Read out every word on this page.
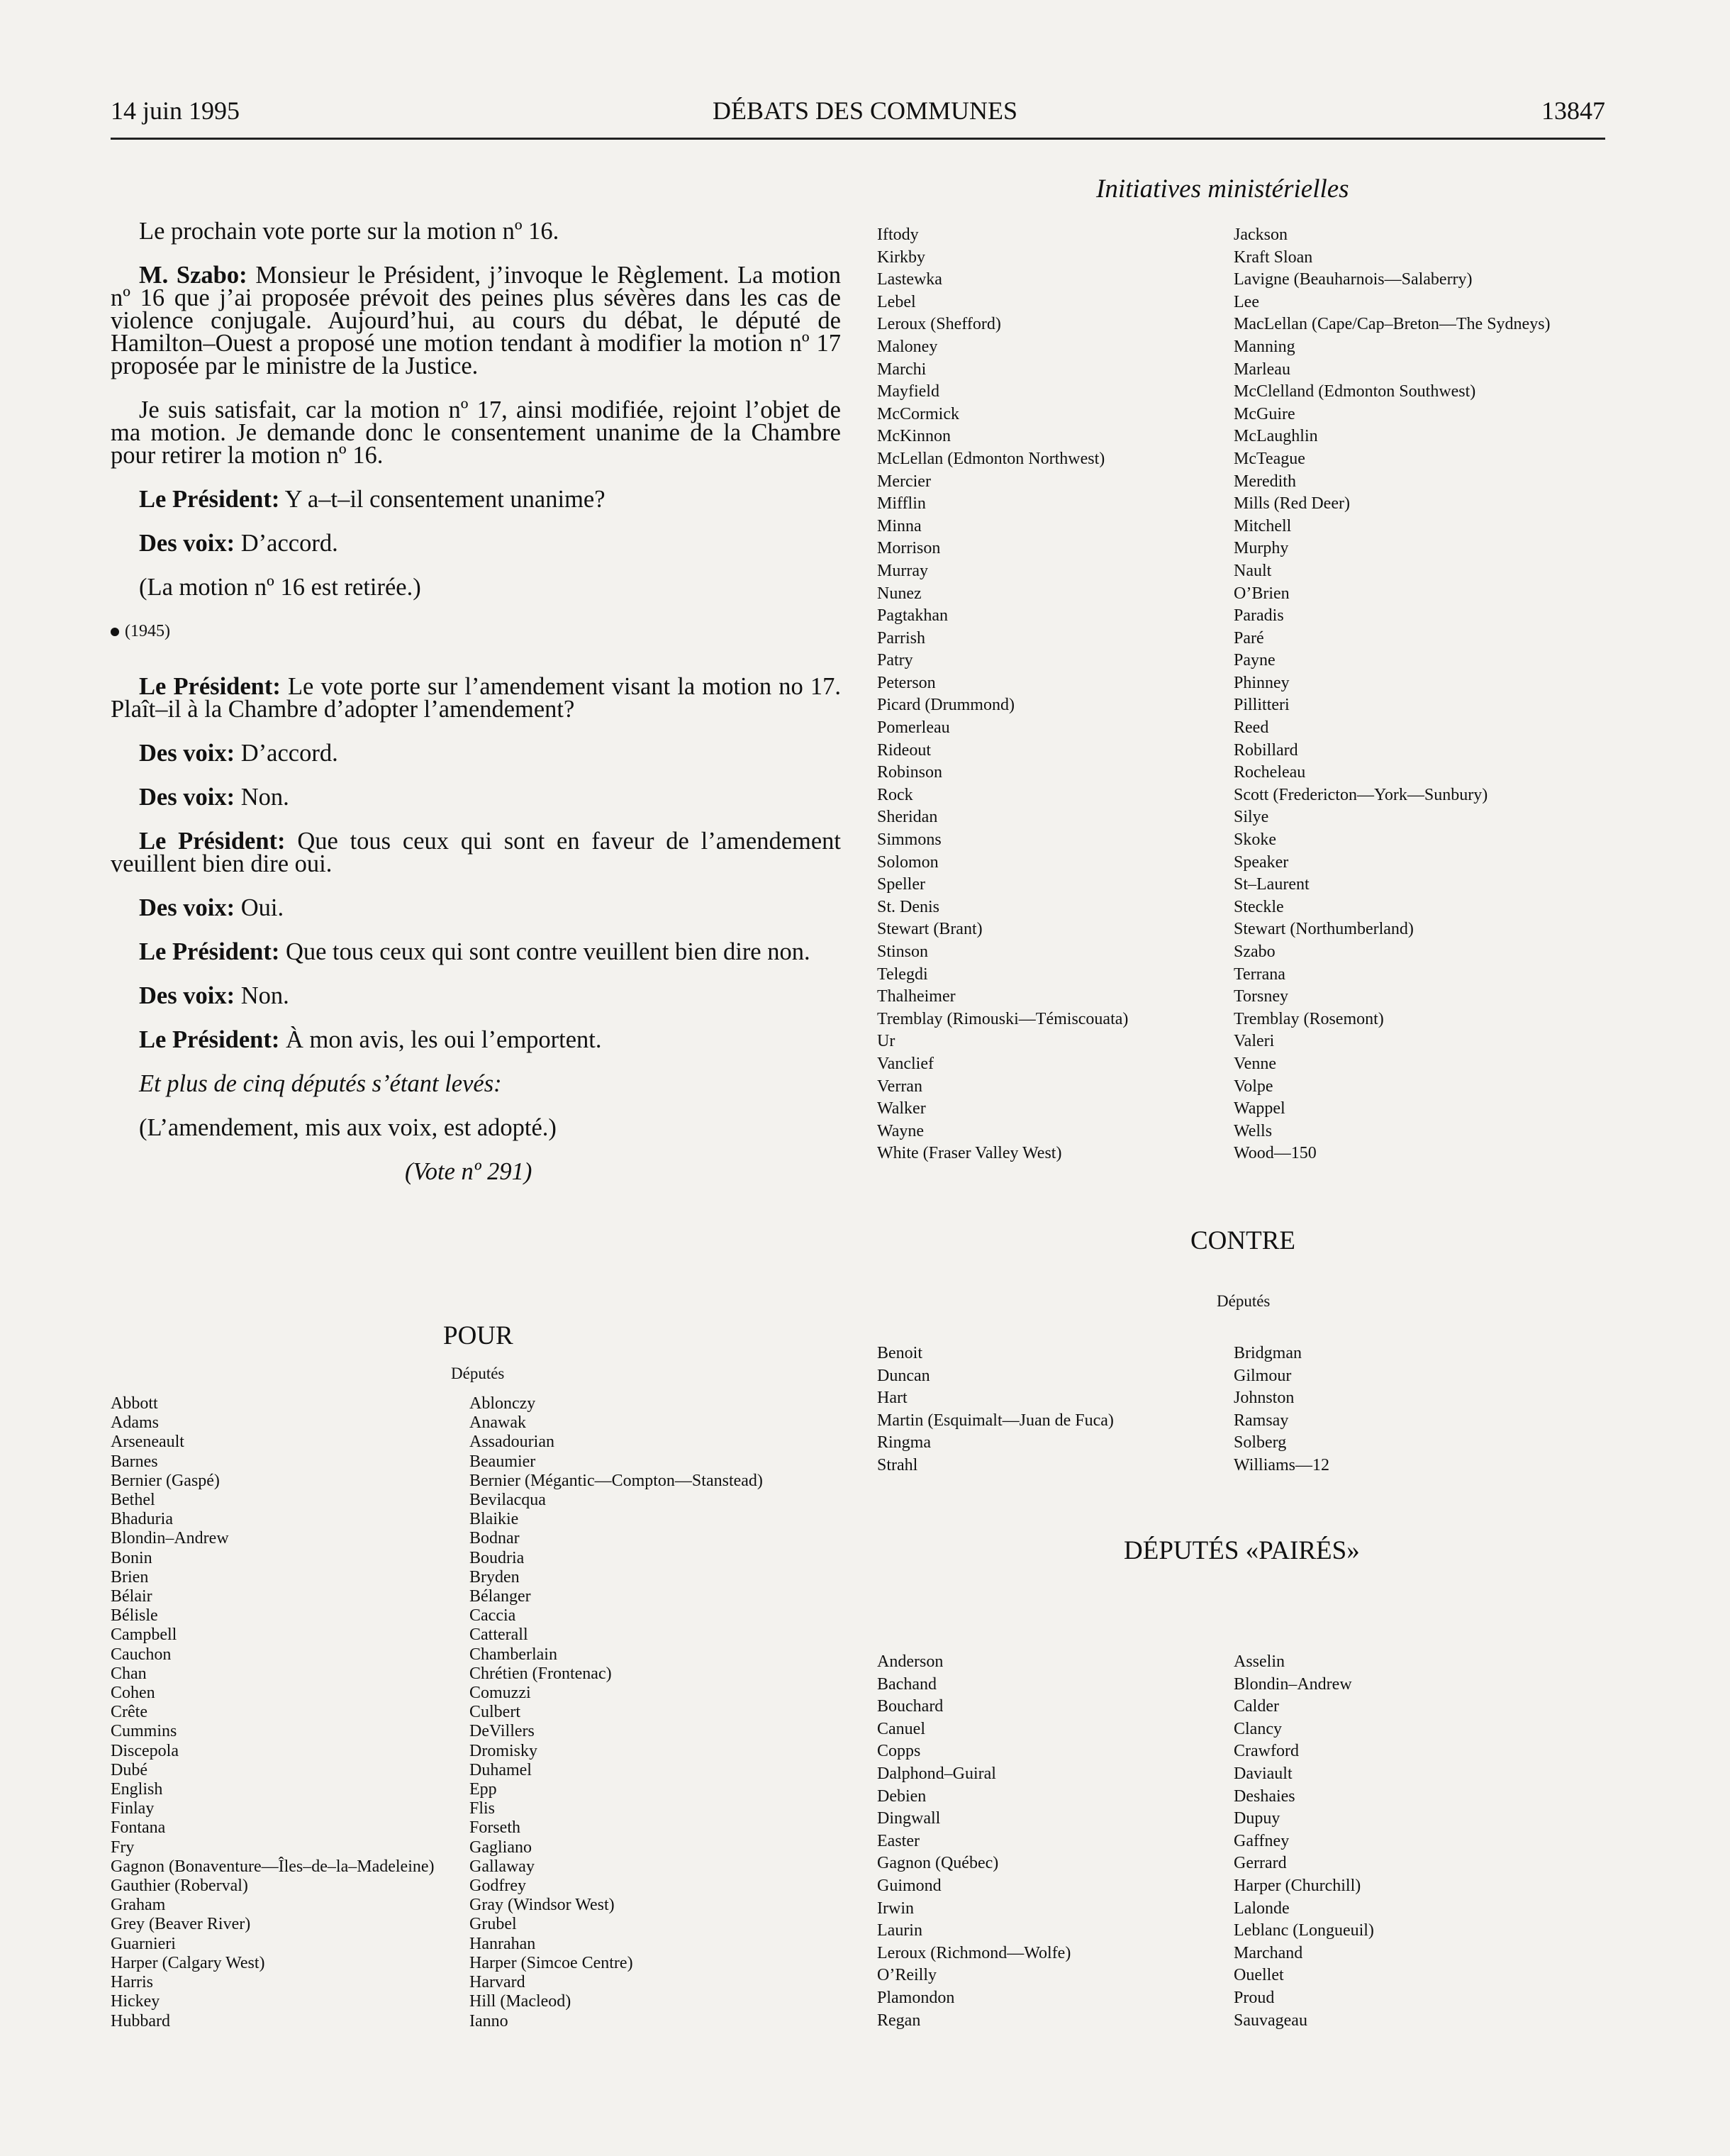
14 juin 1995	DÉBATS DES COMMUNES	13847
Initiatives ministérielles

Le prochain vote porte sur la motion nº 16.

M. Szabo: Monsieur le Président, j’invoque le Règlement. La motion nº 16 que j’ai proposée prévoit des peines plus sévères dans les cas de violence conjugale. Aujourd’hui, au cours du débat, le député de Hamilton–Ouest a proposé une motion tendant à modifier la motion nº 17 proposée par le ministre de la Justice.

Je suis satisfait, car la motion nº 17, ainsi modifiée, rejoint l’objet de ma motion. Je demande donc le consentement unanime de la Chambre pour retirer la motion nº 16.

Le Président: Y a–t–il consentement unanime?

Des voix: D’accord.

(La motion nº 16 est retirée.)

(1945)

Le Président: Le vote porte sur l’amendement visant la motion no 17. Plaît–il à la Chambre d’adopter l’amendement?

Des voix: D’accord.

Des voix: Non.

Le Président: Que tous ceux qui sont en faveur de l’amendement veuillent bien dire oui.

Des voix: Oui.

Le Président: Que tous ceux qui sont contre veuillent bien dire non.

Des voix: Non.

Le Président: À mon avis, les oui l’emportent.

Et plus de cinq députés s’étant levés:

(L’amendement, mis aux voix, est adopté.)

(Vote nº 291)

POUR
Députés
Abbott
Adams
Arseneault
Barnes
Bernier (Gaspé)
Bethel
Bhaduria
Blondin–Andrew
Bonin
Brien
Bélair
Bélisle
Campbell
Cauchon
Chan
Cohen
Crête
Cummins
Discepola
Dubé
English
Finlay
Fontana
Fry
Gagnon (Bonaventure—Îles–de–la–Madeleine)
Gauthier (Roberval)
Graham
Grey (Beaver River)
Guarnieri
Harper (Calgary West)
Harris
Hickey
Hubbard
Ablonczy
Anawak
Assadourian
Beaumier
Bernier (Mégantic—Compton—Stanstead)
Bevilacqua
Blaikie
Bodnar
Boudria
Bryden
Bélanger
Caccia
Catterall
Chamberlain
Chrétien (Frontenac)
Comuzzi
Culbert
DeVillers
Dromisky
Duhamel
Epp
Flis
Forseth
Gagliano
Gallaway
Godfrey
Gray (Windsor West)
Grubel
Hanrahan
Harper (Simcoe Centre)
Harvard
Hill (Macleod)
Ianno
Iftody
Kirkby
Lastewka
Lebel
Leroux (Shefford)
Maloney
Marchi
Mayfield
McCormick
McKinnon
McLellan (Edmonton Northwest)
Mercier
Mifflin
Minna
Morrison
Murray
Nunez
Pagtakhan
Parrish
Patry
Peterson
Picard (Drummond)
Pomerleau
Rideout
Robinson
Rock
Sheridan
Simmons
Solomon
Speller
St. Denis
Stewart (Brant)
Stinson
Telegdi
Thalheimer
Tremblay (Rimouski—Témiscouata)
Ur
Vanclief
Verran
Walker
Wayne
White (Fraser Valley West)
Jackson
Kraft Sloan
Lavigne (Beauharnois—Salaberry)
Lee
MacLellan (Cape/Cap–Breton—The Sydneys)
Manning
Marleau
McClelland (Edmonton Southwest)
McGuire
McLaughlin
McTeague
Meredith
Mills (Red Deer)
Mitchell
Murphy
Nault
O’Brien
Paradis
Paré
Payne
Phinney
Pillitteri
Reed
Robillard
Rocheleau
Scott (Fredericton—York—Sunbury)
Silye
Skoke
Speaker
St–Laurent
Steckle
Stewart (Northumberland)
Szabo
Terrana
Torsney
Tremblay (Rosemont)
Valeri
Venne
Volpe
Wappel
Wells
Wood—150
CONTRE
Députés
Benoit
Duncan
Hart
Martin (Esquimalt—Juan de Fuca)
Ringma
Strahl
Bridgman
Gilmour
Johnston
Ramsay
Solberg
Williams—12
DÉPUTÉS «PAIRÉS»
Anderson
Bachand
Bouchard
Canuel
Copps
Dalphond–Guiral
Debien
Dingwall
Easter
Gagnon (Québec)
Guimond
Irwin
Laurin
Leroux (Richmond—Wolfe)
O’Reilly
Plamondon
Regan
Asselin
Blondin–Andrew
Calder
Clancy
Crawford
Daviault
Deshaies
Dupuy
Gaffney
Gerrard
Harper (Churchill)
Lalonde
Leblanc (Longueuil)
Marchand
Ouellet
Proud
Sauvageau
